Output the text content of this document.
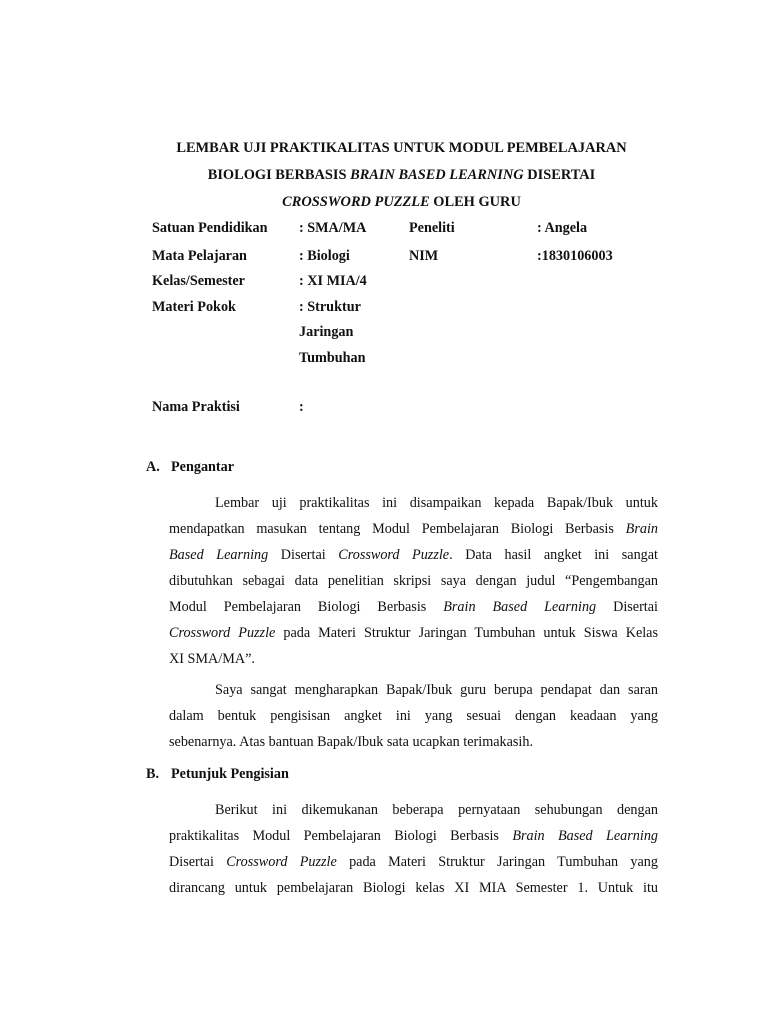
LEMBAR UJI PRAKTIKALITAS UNTUK MODUL PEMBELAJARAN
BIOLOGI BERBASIS BRAIN BASED LEARNING DISERTAI
CROSSWORD PUZZLE OLEH GURU
Satuan Pendidikan : SMA/MA	Peneliti	: Angela
Mata Pelajaran	: Biologi	NIM	:1830106003
Kelas/Semester	: XI MIA/4
Materi Pokok	: Struktur
Jaringan
Tumbuhan
Nama Praktisi	:
A. Pengantar
Lembar uji praktikalitas ini disampaikan kepada Bapak/Ibuk untuk
mendapatkan masukan tentang Modul Pembelajaran Biologi Berbasis Brain
Based Learning Disertai Crossword Puzzle. Data hasil angket ini sangat
dibutuhkan sebagai data penelitian skripsi saya dengan judul “Pengembangan
Modul Pembelajaran Biologi Berbasis Brain Based Learning Disertai
Crossword Puzzle pada Materi Struktur Jaringan Tumbuhan untuk Siswa Kelas
XI SMA/MA”.
Saya sangat mengharapkan Bapak/Ibuk guru berupa pendapat dan saran
dalam bentuk pengisisan angket ini yang sesuai dengan keadaan yang
sebenarnya. Atas bantuan Bapak/Ibuk sata ucapkan terimakasih.
B. Petunjuk Pengisian
Berikut ini dikemukanan beberapa pernyataan sehubungan dengan
praktikalitas Modul Pembelajaran Biologi Berbasis Brain Based Learning
Disertai Crossword Puzzle pada Materi Struktur Jaringan Tumbuhan yang
dirancang untuk pembelajaran Biologi kelas XI MIA Semester 1. Untuk itu
